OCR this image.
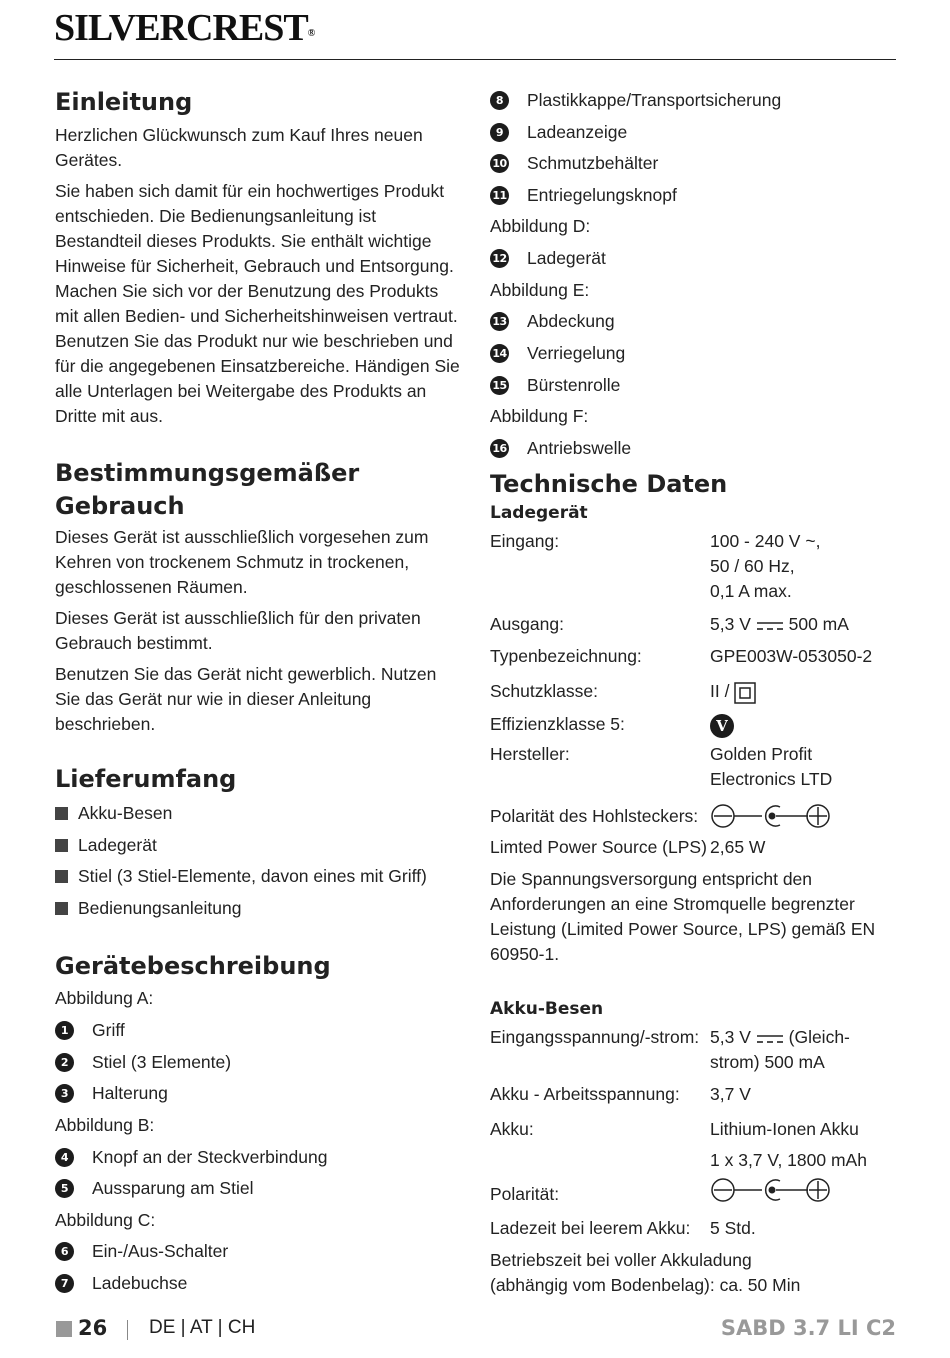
SILVERCREST®
Einleitung

Herzlichen Glückwunsch zum Kauf Ihres neuen Gerätes.

Sie haben sich damit für ein hochwertiges Produkt entschieden. Die Bedienungsanleitung ist Bestandteil dieses Produkts. Sie enthält wichtige Hinweise für Sicherheit, Gebrauch und Entsorgung. Machen Sie sich vor der Benutzung des Produkts mit allen Bedien- und Sicherheitshinweisen vertraut. Benutzen Sie das Produkt nur wie beschrieben und für die angegebenen Einsatzbereiche. Händigen Sie alle Unterlagen bei Weitergabe des Produkts an Dritte mit aus.

Bestimmungsgemäßer
Gebrauch

Dieses Gerät ist ausschließlich vorgesehen zum Kehren von trockenem Schmutz in trockenen, geschlossenen Räumen.

Dieses Gerät ist ausschließlich für den privaten Gebrauch bestimmt.

Benutzen Sie das Gerät nicht gewerblich. Nutzen Sie das Gerät nur wie in dieser Anleitung beschrieben.

Lieferumfang
Akku-Besen
Ladegerät
Stiel (3 Stiel-Elemente, davon eines mit Griff)
Bedienungsanleitung
Gerätebeschreibung
Abbildung A:
1	Griff
2	Stiel (3 Elemente)
3	Halterung
Abbildung B:
4	Knopf an der Steckverbindung
5	Aussparung am Stiel
Abbildung C:
6	Ein-/Aus-Schalter
7	Ladebuchse
8	Plastikkappe/Transportsicherung
9	Ladeanzeige
10 Schmutzbehälter
11 Entriegelungsknopf
Abbildung D:
12 Ladegerät
Abbildung E:
13 Abdeckung
14 Verriegelung
15 Bürstenrolle
Abbildung F:
16 Antriebswelle
Technische Daten
Ladegerät
Eingang:	100 - 240 V ~,
50 / 60 Hz,
0,1 A max.
Ausgang:	5,3 V 500 mA
Typenbezeichnung:	GPE003W-053050-2
Schutzklasse:	II /
Effizienzklasse 5:	V
Hersteller:	Golden Profit
Electronics LTD
Polarität des Hohlsteckers:
Limted Power Source (LPS) 2,65 W

Die Spannungsversorgung entspricht den Anforderungen an eine Stromquelle begrenzter Leistung (Limited Power Source, LPS) gemäß EN 60950-1.

Akku-Besen
Eingangsspannung/-strom: 5,3 V (Gleich-
strom) 500 mA
Akku - Arbeitsspannung: 3,7 V
Akku:	Lithium-Ionen Akku
1 x 3,7 V, 1800 mAh
Polarität:
Ladezeit bei leerem Akku: 5 Std.

Betriebszeit bei voller Akkuladung
(abhängig vom Bodenbelag): ca. 50 Min

26 DE | AT | CH	SABD 3.7 LI C2
